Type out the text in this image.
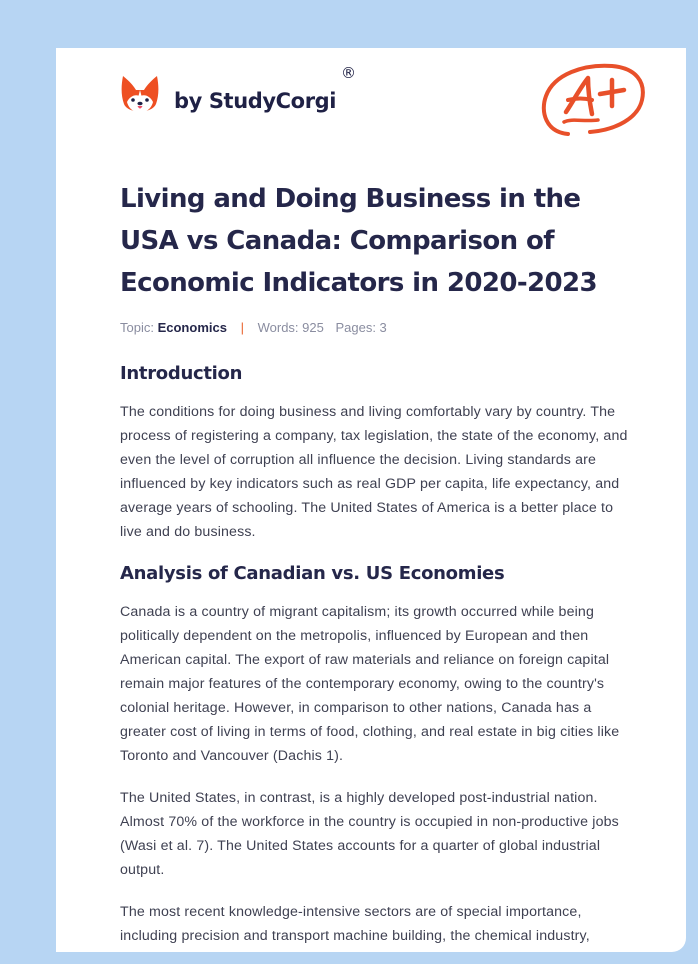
by StudyCorgi
®
Living and Doing Business in the USA vs Canada: Comparison of Economic Indicators in 2020-2023
Topic: Economics | Words: 925 Pages: 3
Introduction

The conditions for doing business and living comfortably vary by country. The process of registering a company, tax legislation, the state of the economy, and even the level of corruption all influence the decision. Living standards are influenced by key indicators such as real GDP per capita, life expectancy, and average years of schooling. The United States of America is a better place to live and do business.

Analysis of Canadian vs. US Economies

Canada is a country of migrant capitalism; its growth occurred while being politically dependent on the metropolis, influenced by European and then American capital. The export of raw materials and reliance on foreign capital remain major features of the contemporary economy, owing to the country's colonial heritage. However, in comparison to other nations, Canada has a greater cost of living in terms of food, clothing, and real estate in big cities like Toronto and Vancouver (Dachis 1).

The United States, in contrast, is a highly developed post-industrial nation. Almost 70% of the workforce in the country is occupied in non-productive jobs (Wasi et al. 7). The United States accounts for a quarter of global industrial output.

The most recent knowledge-intensive sectors are of special importance, including precision and transport machine building, the chemical industry,
